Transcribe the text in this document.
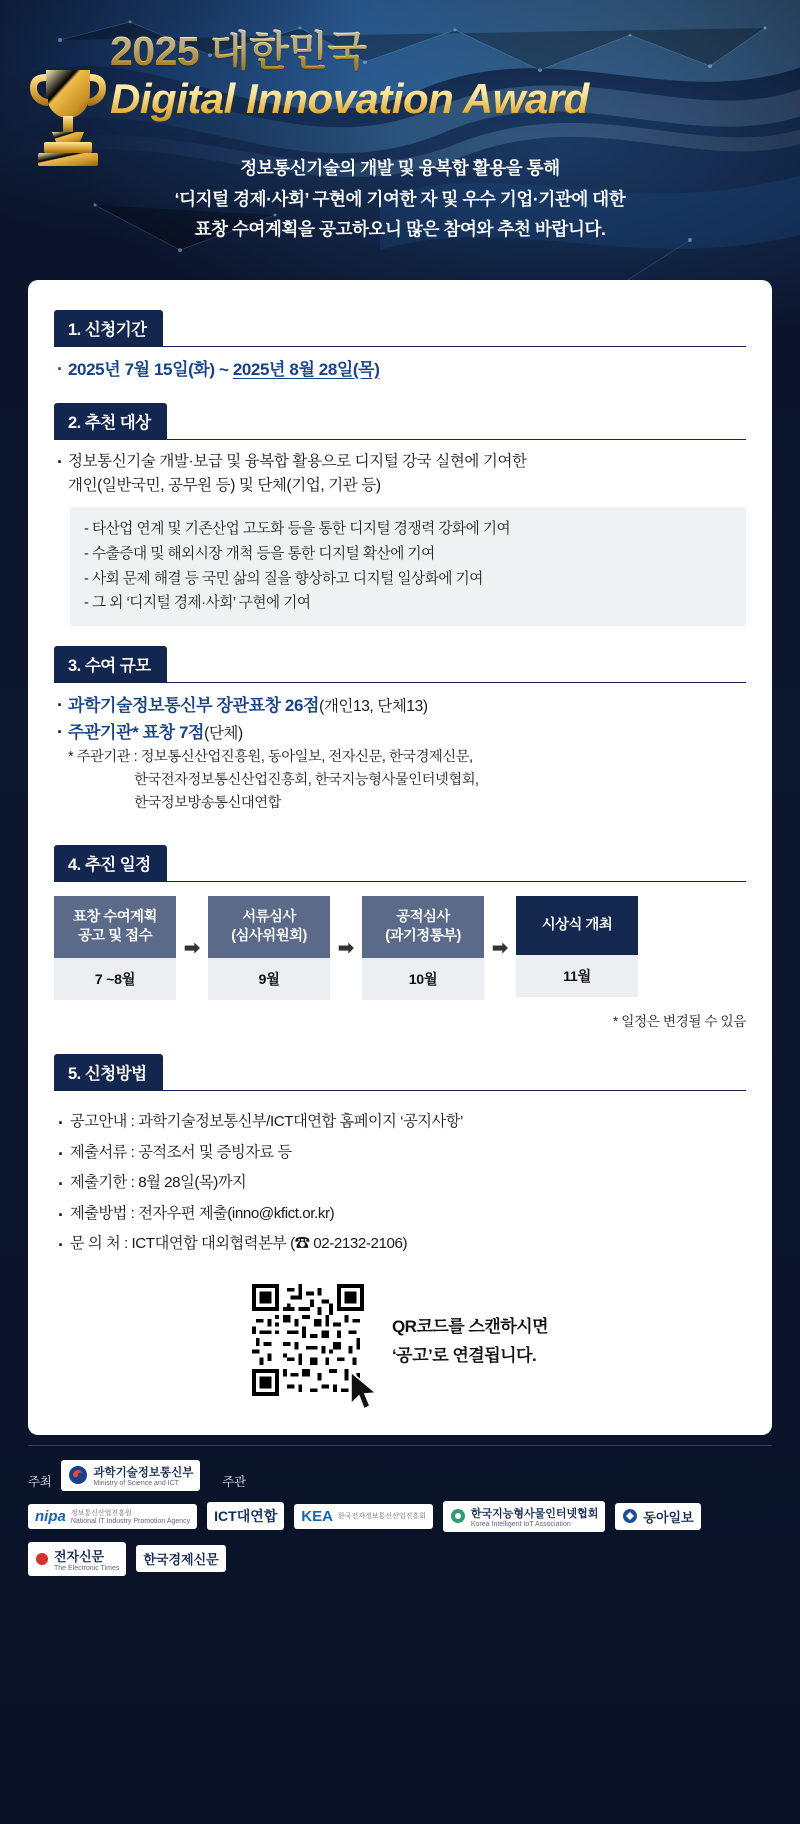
2025 대한민국
Digital Innovation Award
정보통신기술의 개발 및 융복합 활용을 통해
‘디지털 경제·사회’ 구현에 기여한 자 및 우수 기업·기관에 대한
표창 수여계획을 공고하오니 많은 참여와 추천 바랍니다.
1. 신청기간
· 2025년 7월 15일(화) ~ 2025년 8월 28일(목)
2. 추천 대상
· 정보통신기술 개발·보급 및 융복합 활용으로 디지털 강국 실현에 기여한
개인(일반국민, 공무원 등) 및 단체(기업, 기관 등)
- 타산업 연계 및 기존산업 고도화 등을 통한 디지털 경쟁력 강화에 기여
- 수출증대 및 해외시장 개척 등을 통한 디지털 확산에 기여
- 사회 문제 해결 등 국민 삶의 질을 향상하고 디지털 일상화에 기여
- 그 외 ‘디지털 경제·사회’ 구현에 기여
3. 수여 규모
· 과학기술정보통신부 장관표창 26점(개인13, 단체13)
· 주관기관* 표창 7점(단체)
* 주관기관 : 정보통신산업진흥원, 동아일보, 전자신문, 한국경제신문,
한국전자정보통신산업진흥회, 한국지능형사물인터넷협회,
한국정보방송통신대연합
4. 추진 일정
표창 수여계획
공고 및 접수
7 ~8월
➡
서류심사
(심사위원회)
9월
➡
공적심사
(과기정통부)
10월
➡
시상식 개최
11월
* 일정은 변경될 수 있음
5. 신청방법
· 공고안내 : 과학기술정보통신부/ICT대연합 홈페이지 ‘공지사항’
· 제출서류 : 공적조서 및 증빙자료 등
· 제출기한 : 8월 28일(목)까지
· 제출방법 : 전자우편 제출(inno@kfict.or.kr)
· 문 의 처 : ICT대연합 대외협력본부 (☎ 02-2132-2106)
QR코드를 스캔하시면
‘공고’로 연결됩니다.
주최
과학기술정보통신부
Ministry of Science and ICT	주관
nipa 정보통신산업진흥원
National IT Industry Promotion Agency ICT대연합 KEA 한국전자정보통신산업진흥회	한국지능형사물인터넷협회
Korea Intelligent IoT Association	동아일보
전자신문
The Electronic Times
한국경제신문
